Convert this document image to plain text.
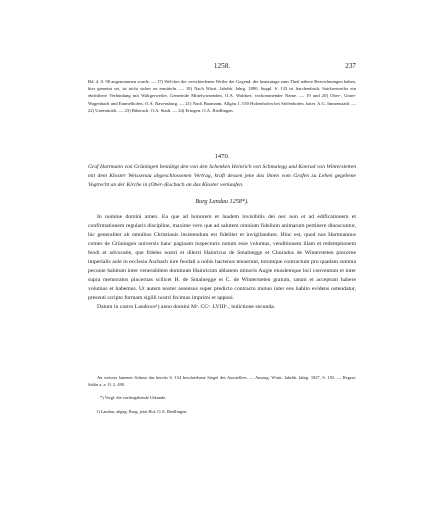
1258.	237

Bd. 4, S. 98 angenommen wurde. — 17) Welches der verschiedenen Weiler der Gegend, die heutzutage zum Theil nähere Bezeichnungen haben, hier gemeint sei, ist nicht sicher zu ermitteln. — 18) Nach Württ. Jahrbb. Jahrg. 1880, Suppl. S. 133 ist Sarchenbach, Saichenweiler ein ehrfrühere Verbindung mit Waltgerweiler, Gemeinde Mittelwirnenden, O.A. Waldsee, vorkommender Name. — 19 und 20) Ober-, Unter-Wagenbach und Emmelhofen, O.A. Ravensburg. — 21) Nach Baumann, Allgäu 1, 530 Hohenhofen bei Stöfenhofen, baier. A.G. Immenstadt. — 22) Unermittelt. — 23) Biberach, O.A. Stadt. — 24) Eringen, O.A. Riedlingen.

1470.

Graf Hartmann von Grüningen bestätigt den von den Schenken Heinrich von Schmalegg und Konrad von Winterstetten mit dem Kloster Weissenau abgeschlossenen Vertrag, kraft dessen jene das ihnen vom Grafen zu Lehen gegebene Vogtrecht an der Kirche in (Ober-)Eschach an das Kloster verkaufen.

Burg Landau 1258*).

In nomine domini amen. Ea que ad honorem et laudem invisibilis dei nec non et ad edificationem et confirmationem regularis discipline, maxime vero que ad salutem omnium fidelium animarum pertinere dinoscuntur, hic generaliter ab omnibus Christianis insistendum est fideliter et invigilandum. Hinc est, quod nos Hartmannus comes de Grüningen universis hanc paginam inspecturis notum esse volumus, venditionem illam et redemptionem feodi et advocatie, que fideles nostri et dilecti Hainricus de Smalnegge et Churadus de Wintersteten pincerne imperialis aule in ecclesia Aschach iure feodali a nobis hactenus tenuerunt, totumque contractum pro quadam summa pecunie habitum inter venerabilem dominum Hainricum abbatem minoris Augie eiusdemque loci conventum et inter supra memoratos pincernas scilicet H. de Smalnegge et C. de Wintersteten gratum, ratum et acceptum habere volumus et habemus. Ut autem noster assensus super predicto contractu mutuo inter eos habito evidens ostendatur, presenti scripto formam sigilli nostri fecimus imprimi et apponi.

Datum in castro Landowe¹) anno domini Mᵒ. CCᵒ. LVIIIᵒ., indictione secunda.

An weisser lainener Schnur das bereits S. 154 beschriebene Siegel des Ausstellers. — Auszug: Württ. Jahrbb. Jahrg. 1827, S. 193. — Regest: Stälin a. a. O. 2, 490.

*) Vergl. die vorhergehende Urkunde.
1) Landau, abgeg. Burg, jetzt Hof, O.A. Riedlingen.
